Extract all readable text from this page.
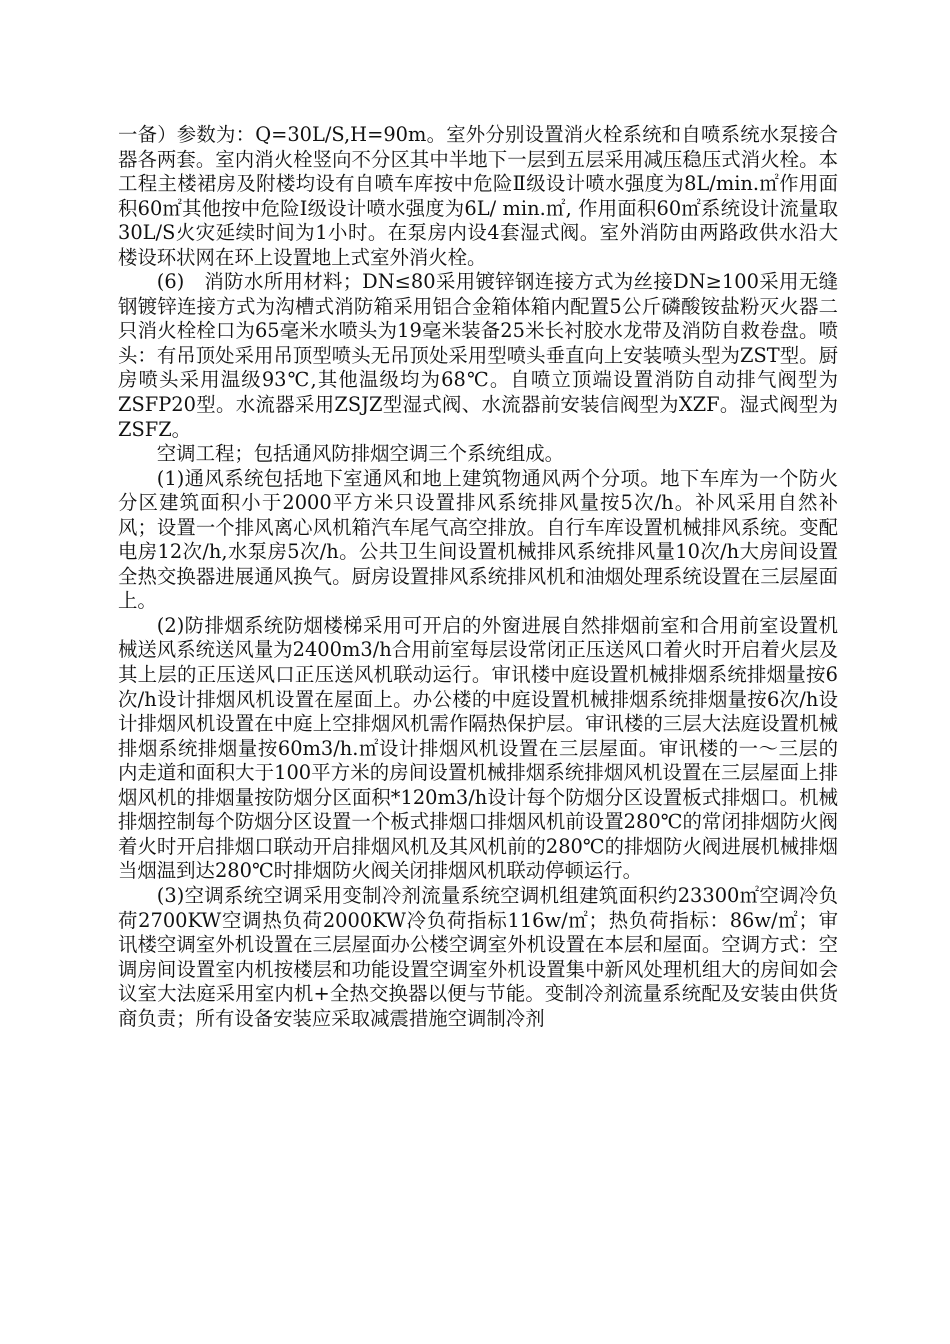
一备）参数为：Q=30L/S,H=90m。室外分别设置消火栓系统和自喷系统水泵接合器各两套。室内消火栓竖向不分区其中半地下一层到五层采用减压稳压式消火栓。本工程主楼裙房及附楼均设有自喷车库按中危险Ⅱ级设计喷水强度为8L/min.㎡作用面积60㎡其他按中危险Ⅰ级设计喷水强度为6L/ min.㎡, 作用面积60㎡系统设计流量取30L/S火灾延续时间为1小时。在泵房内设4套湿式阀。室外消防由两路政供水沿大楼设环状网在环上设置地上式室外消火栓。

(6)　消防水所用材料；DN≤80采用镀锌钢连接方式为丝接DN≥100采用无缝钢镀锌连接方式为沟槽式消防箱采用铝合金箱体箱内配置5公斤磷酸铵盐粉灭火器二只消火栓栓口为65毫米水喷头为19毫米装备25米长衬胶水龙带及消防自救卷盘。喷头：有吊顶处采用吊顶型喷头无吊顶处采用型喷头垂直向上安装喷头型为ZST型。厨房喷头采用温级93℃,其他温级均为68℃。自喷立顶端设置消防自动排气阀型为ZSFP20型。水流器采用ZSJZ型湿式阀、水流器前安装信阀型为XZF。湿式阀型为ZSFZ。

空调工程；包括通风防排烟空调三个系统组成。

(1)通风系统包括地下室通风和地上建筑物通风两个分项。地下车库为一个防火分区建筑面积小于2000平方米只设置排风系统排风量按5次/h。补风采用自然补风；设置一个排风离心风机箱汽车尾气高空排放。自行车库设置机械排风系统。变配电房12次/h,水泵房5次/h。公共卫生间设置机械排风系统排风量10次/h大房间设置全热交换器进展通风换气。厨房设置排风系统排风机和油烟处理系统设置在三层屋面上。

(2)防排烟系统防烟楼梯采用可开启的外窗进展自然排烟前室和合用前室设置机械送风系统送风量为2400m3/h合用前室每层设常闭正压送风口着火时开启着火层及其上层的正压送风口正压送风机联动运行。审讯楼中庭设置机械排烟系统排烟量按6次/h设计排烟风机设置在屋面上。办公楼的中庭设置机械排烟系统排烟量按6次/h设计排烟风机设置在中庭上空排烟风机需作隔热保护层。审讯楼的三层大法庭设置机械排烟系统排烟量按60m3/h.㎡设计排烟风机设置在三层屋面。审讯楼的一～三层的内走道和面积大于100平方米的房间设置机械排烟系统排烟风机设置在三层屋面上排烟风机的排烟量按防烟分区面积*120m3/h设计每个防烟分区设置板式排烟口。机械排烟控制每个防烟分区设置一个板式排烟口排烟风机前设置280℃的常闭排烟防火阀着火时开启排烟口联动开启排烟风机及其风机前的280℃的排烟防火阀进展机械排烟当烟温到达280℃时排烟防火阀关闭排烟风机联动停顿运行。

(3)空调系统空调采用变制冷剂流量系统空调机组建筑面积约23300㎡空调冷负荷2700KW空调热负荷2000KW冷负荷指标116w/㎡；热负荷指标：86w/㎡；审讯楼空调室外机设置在三层屋面办公楼空调室外机设置在本层和屋面。空调方式：空调房间设置室内机按楼层和功能设置空调室外机设置集中新风处理机组大的房间如会议室大法庭采用室内机+全热交换器以便与节能。变制冷剂流量系统配及安装由供货商负责；所有设备安装应采取减震措施空调制冷剂
